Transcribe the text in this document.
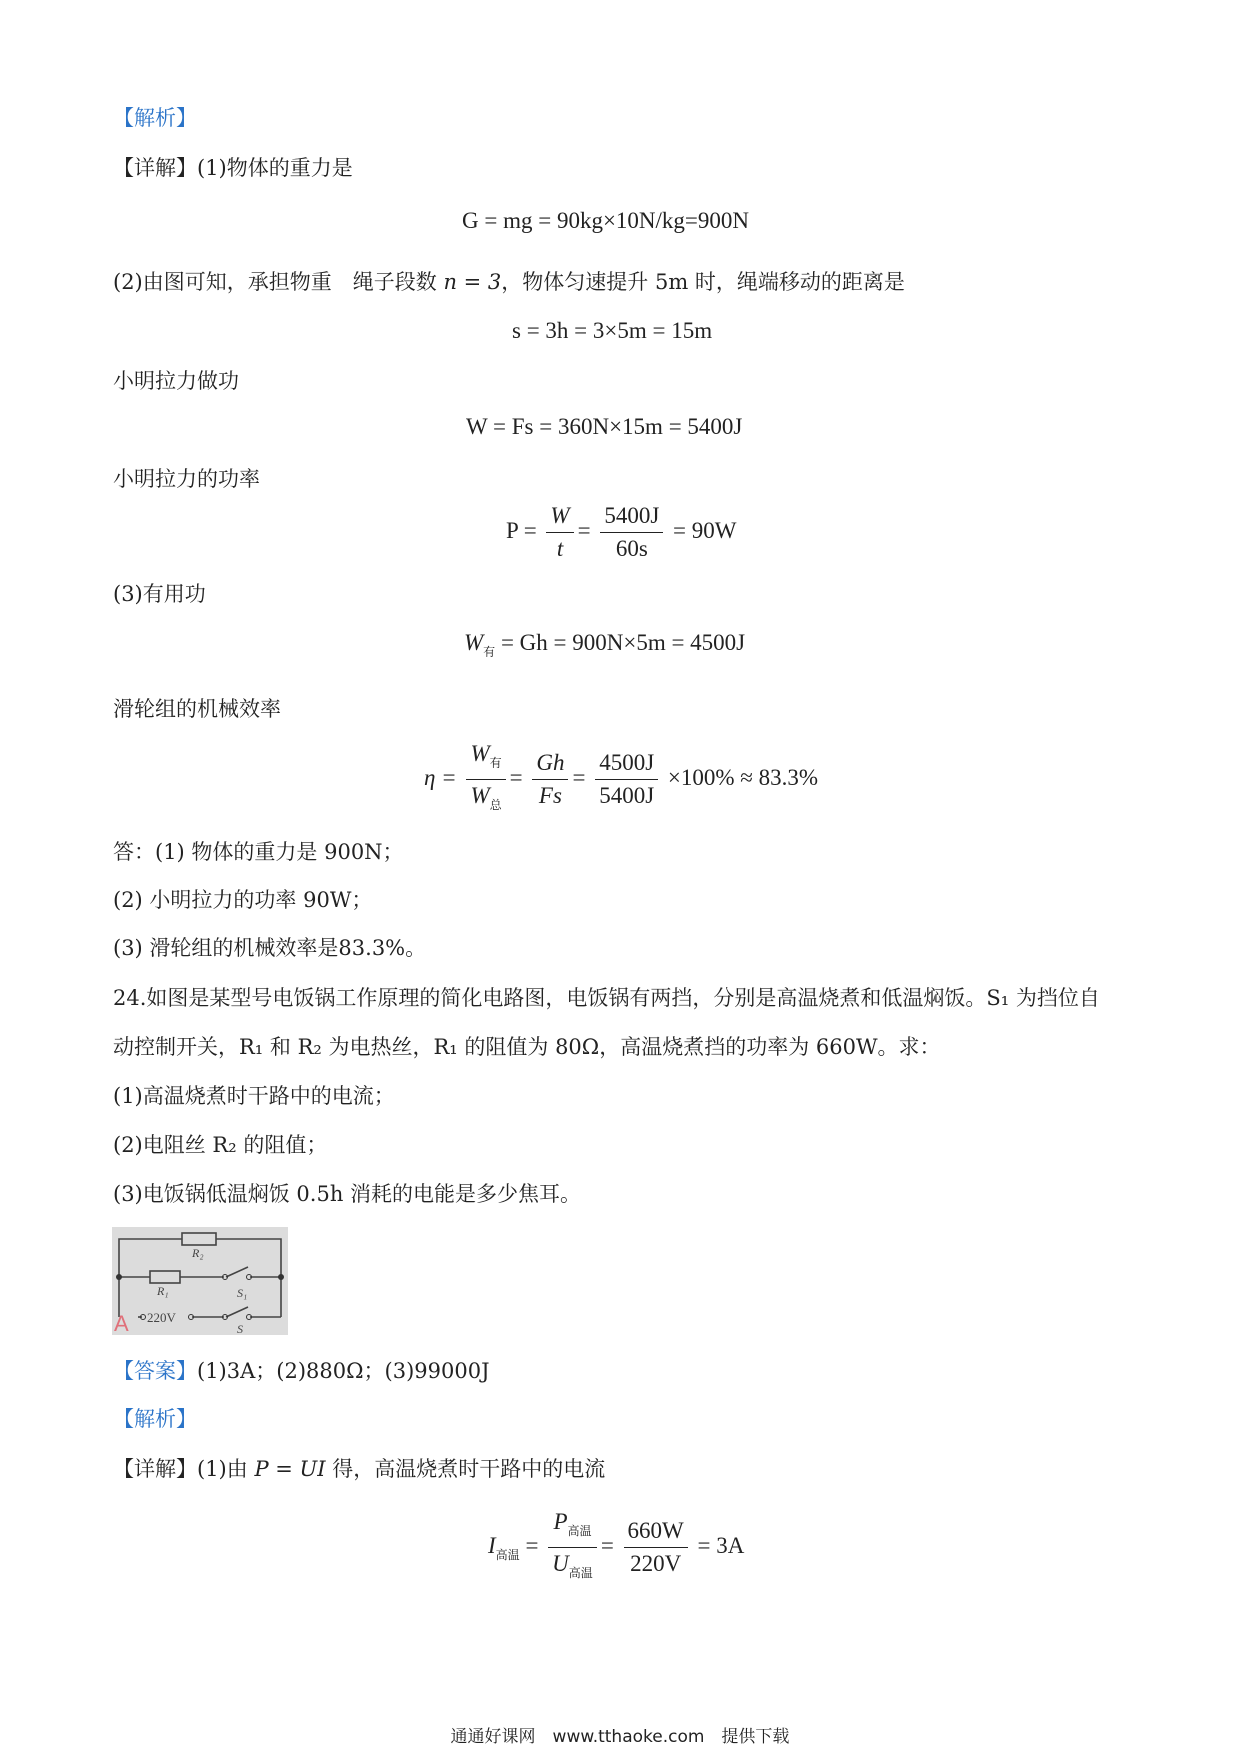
【解析】
【详解】(1)物体的重力是
G = mg = 90kg×10N/kg=900N
(2)由图可知，承担物重　绳子段数 n = 3，物体匀速提升 5m 时，绳端移动的距离是
s = 3h = 3×5m = 15m
小明拉力做功
W = Fs = 360N×15m = 5400J
小明拉力的功率
$P = \frac{W}{t} = \frac{5400J}{60s} = 90W$
(3)有用功
$W_有 = Gh = 900N\times 5m = 4500J$
滑轮组的机械效率
$\eta = \frac{W_有}{W_总} = \frac{Gh}{Fs} = \frac{4500J}{5400J} \times 100\% \approx 83.3\%$
答：(1) 物体的重力是 900N；
(2) 小明拉力的功率 90W；
(3) 滑轮组的机械效率是83.3%。
24.如图是某型号电饭锅工作原理的简化电路图，电饭锅有两挡，分别是高温烧煮和低温焖饭。S₁ 为挡位自
动控制开关，R₁ 和 R₂ 为电热丝，R₁ 的阻值为 80Ω，高温烧煮挡的功率为 660W。求：
(1)高温烧煮时干路中的电流；
(2)电阻丝 R₂ 的阻值；
(3)电饭锅低温焖饭 0.5h 消耗的电能是多少焦耳。
R₂
R₁	S₁
S
220V
A
【答案】(1)3A；(2)880Ω；(3)99000J
【解析】
【详解】(1)由 P = UI 得，高温烧煮时干路中的电流
$I_{高温} = \frac{P_{高温}}{U_{高温}} = \frac{660W}{220V} = 3A$
通通好课网　www.tthaoke.com　提供下载
